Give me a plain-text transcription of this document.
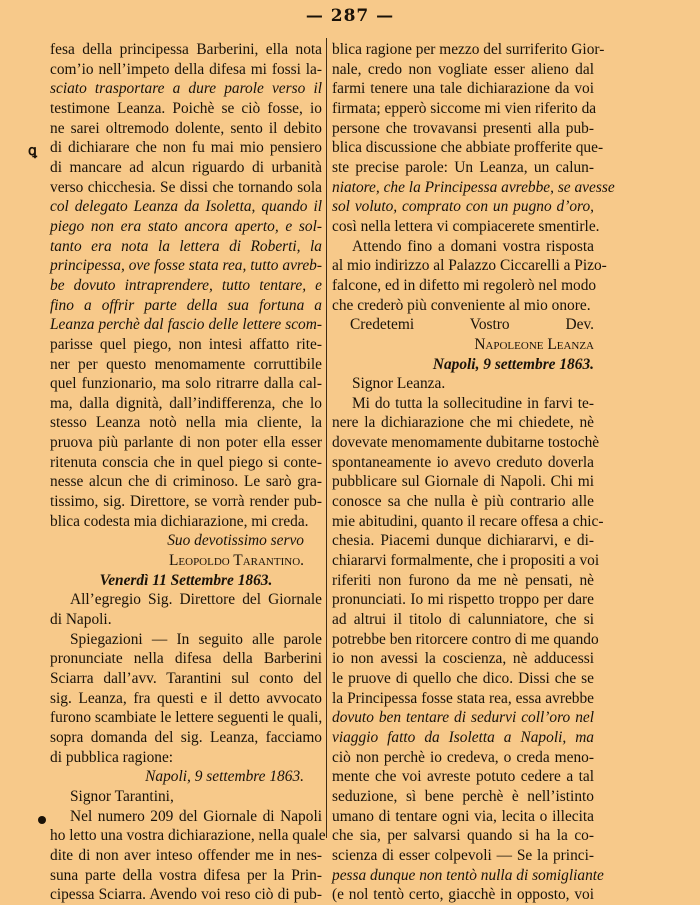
— 287 —
ꝗ
fesa della principessa Barberini, ella nota
com’io nell’impeto della difesa mi fossi la-
sciato trasportare a dure parole verso il
testimone Leanza. Poichè se ciò fosse, io
ne sarei oltremodo dolente, sento il debito
di dichiarare che non fu mai mio pensiero
di mancare ad alcun riguardo di urbanità
verso chicchesia. Se dissi che tornando sola
col delegato Leanza da Isoletta, quando il
piego non era stato ancora aperto, e sol-
tanto era nota la lettera di Roberti, la
principessa, ove fosse stata rea, tutto avreb-
be dovuto intraprendere, tutto tentare, e
fino a offrir parte della sua fortuna a
Leanza perchè dal fascio delle lettere scom-
parisse quel piego, non intesi affatto rite-
ner per questo menomamente corruttibile
quel funzionario, ma solo ritrarre dalla cal-
ma, dalla dignità, dall’indifferenza, che lo
stesso Leanza notò nella mia cliente, la
pruova più parlante di non poter ella esser
ritenuta conscia che in quel piego si conte-
nesse alcun che di criminoso. Le sarò gra-
tissimo, sig. Direttore, se vorrà render pub-
blica codesta mia dichiarazione, mi creda.
Suo devotissimo servo
Leopoldo Tarantino.
Venerdì 11 Settembre 1863.
All’egregio Sig. Direttore del Giornale
di Napoli.
Spiegazioni — In seguito alle parole
pronunciate nella difesa della Barberini
Sciarra dall’avv. Tarantini sul conto del
sig. Leanza, fra questi e il detto avvocato
furono scambiate le lettere seguenti le quali,
sopra domanda del sig. Leanza, facciamo
di pubblica ragione:
Napoli, 9 settembre 1863.
Signor Tarantini,
Nel numero 209 del Giornale di Napoli
ho letto una vostra dichiarazione, nella quale
dite di non aver inteso offender me in nes-
suna parte della vostra difesa per la Prin-
cipessa Sciarra. Avendo voi reso ciò di pub-
blica ragione per mezzo del surriferito Gior-
nale, credo non vogliate esser alieno dal
farmi tenere una tale dichiarazione da voi
firmata; epperò siccome mi vien riferito da
persone che trovavansi presenti alla pub-
blica discussione che abbiate profferite que-
ste precise parole: Un Leanza, un calun-
niatore, che la Principessa avrebbe, se avesse
sol voluto, comprato con un pugno d’oro,
così nella lettera vi compiacerete smentirle.
Attendo fino a domani vostra risposta
al mio indirizzo al Palazzo Ciccarelli a Pizo-
falcone, ed in difetto mi regolerò nel modo
che crederò più conveniente al mio onore.
Credetemi Vostro Dev.
Napoleone Leanza
Napoli, 9 settembre 1863.
Signor Leanza.
Mi do tutta la sollecitudine in farvi te-
nere la dichiarazione che mi chiedete, nè
dovevate menomamente dubitarne tostochè
spontaneamente io avevo creduto doverla
pubblicare sul Giornale di Napoli. Chi mi
conosce sa che nulla è più contrario alle
mie abitudini, quanto il recare offesa a chic-
chesia. Piacemi dunque dichiararvi, e di-
chiararvi formalmente, che i propositi a voi
riferiti non furono da me nè pensati, nè
pronunciati. Io mi rispetto troppo per dare
ad altrui il titolo di calunniatore, che si
potrebbe ben ritorcere contro di me quando
io non avessi la coscienza, nè adducessi
le pruove di quello che dico. Dissi che se
la Principessa fosse stata rea, essa avrebbe
dovuto ben tentare di sedurvi coll’oro nel
viaggio fatto da Isoletta a Napoli, ma
ciò non perchè io credeva, o creda meno-
mente che voi avreste potuto cedere a tal
seduzione, sì bene perchè è nell’istinto
umano di tentare ogni via, lecita o illecita
che sia, per salvarsi quando si ha la co-
scienza di esser colpevoli — Se la princi-
pessa dunque non tentò nulla di somigliante
(e nol tentò certo, giacchè in opposto, voi
